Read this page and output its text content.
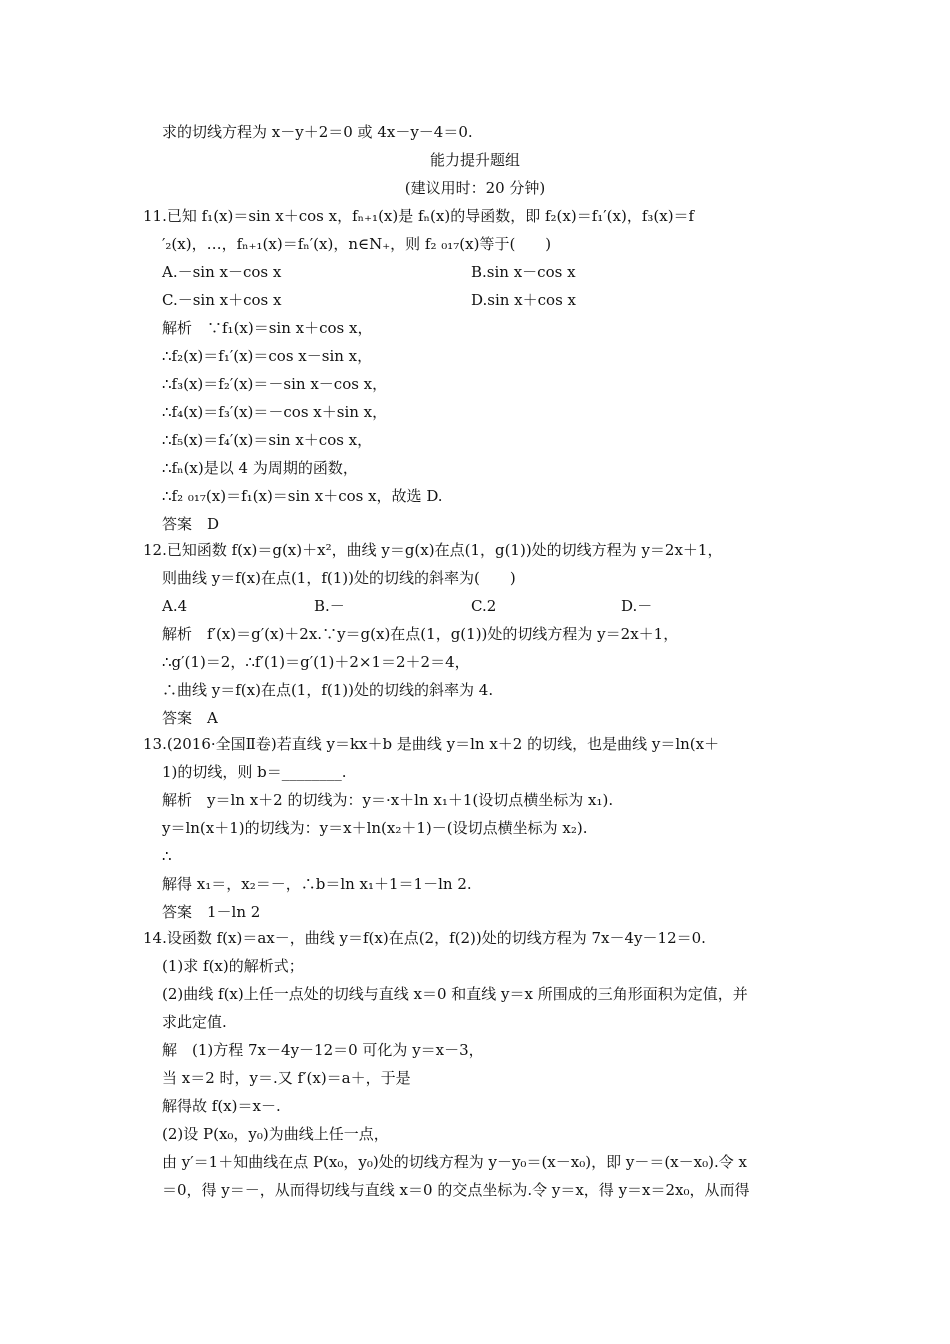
求的切线方程为 x－y＋2＝0 或 4x－y－4＝0.
能力提升题组
(建议用时：20 分钟)
11.已知 f₁(x)＝sin x＋cos x，fₙ₊₁(x)是 fₙ(x)的导函数，即 f₂(x)＝f₁′(x)，f₃(x)＝f
′₂(x)，…，fₙ₊₁(x)＝fₙ′(x)，n∈N₊，则 f₂ ₀₁₇(x)等于(　　)
A.－sin x－cos x	B.sin x－cos x
C.－sin x＋cos x	D.sin x＋cos x
解析　∵f₁(x)＝sin x＋cos x，
∴f₂(x)＝f₁′(x)＝cos x－sin x，
∴f₃(x)＝f₂′(x)＝－sin x－cos x，
∴f₄(x)＝f₃′(x)＝－cos x＋sin x，
∴f₅(x)＝f₄′(x)＝sin x＋cos x，
∴fₙ(x)是以 4 为周期的函数，
∴f₂ ₀₁₇(x)＝f₁(x)＝sin x＋cos x，故选 D.
答案　D
12.已知函数 f(x)＝g(x)＋x²，曲线 y＝g(x)在点(1，g(1))处的切线方程为 y＝2x＋1，
则曲线 y＝f(x)在点(1，f(1))处的切线的斜率为(　　)
A.4	B.－	C.2	D.－
解析　f′(x)＝g′(x)＋2x.∵y＝g(x)在点(1，g(1))处的切线方程为 y＝2x＋1，
∴g′(1)＝2，∴f′(1)＝g′(1)＋2×1＝2＋2＝4，
∴曲线 y＝f(x)在点(1，f(1))处的切线的斜率为 4.
答案　A
13.(2016·全国Ⅱ卷)若直线 y＝kx＋b 是曲线 y＝ln x＋2 的切线，也是曲线 y＝ln(x＋
1)的切线，则 b＝________.
解析　y＝ln x＋2 的切线为：y＝·x＋ln x₁＋1(设切点横坐标为 x₁).
y＝ln(x＋1)的切线为：y＝x＋ln(x₂＋1)－(设切点横坐标为 x₂).
∴
解得 x₁＝，x₂＝－，∴b＝ln x₁＋1＝1－ln 2.
答案　1－ln 2
14.设函数 f(x)＝ax－，曲线 y＝f(x)在点(2，f(2))处的切线方程为 7x－4y－12＝0.
(1)求 f(x)的解析式；
(2)曲线 f(x)上任一点处的切线与直线 x＝0 和直线 y＝x 所围成的三角形面积为定值，并
求此定值.
解　(1)方程 7x－4y－12＝0 可化为 y＝x－3，
当 x＝2 时，y＝.又 f′(x)＝a＋，于是
解得故 f(x)＝x－.
(2)设 P(x₀，y₀)为曲线上任一点，
由 y′＝1＋知曲线在点 P(x₀，y₀)处的切线方程为 y－y₀＝(x－x₀)，即 y－＝(x－x₀).令 x
＝0，得 y＝－，从而得切线与直线 x＝0 的交点坐标为.令 y＝x，得 y＝x＝2x₀，从而得
